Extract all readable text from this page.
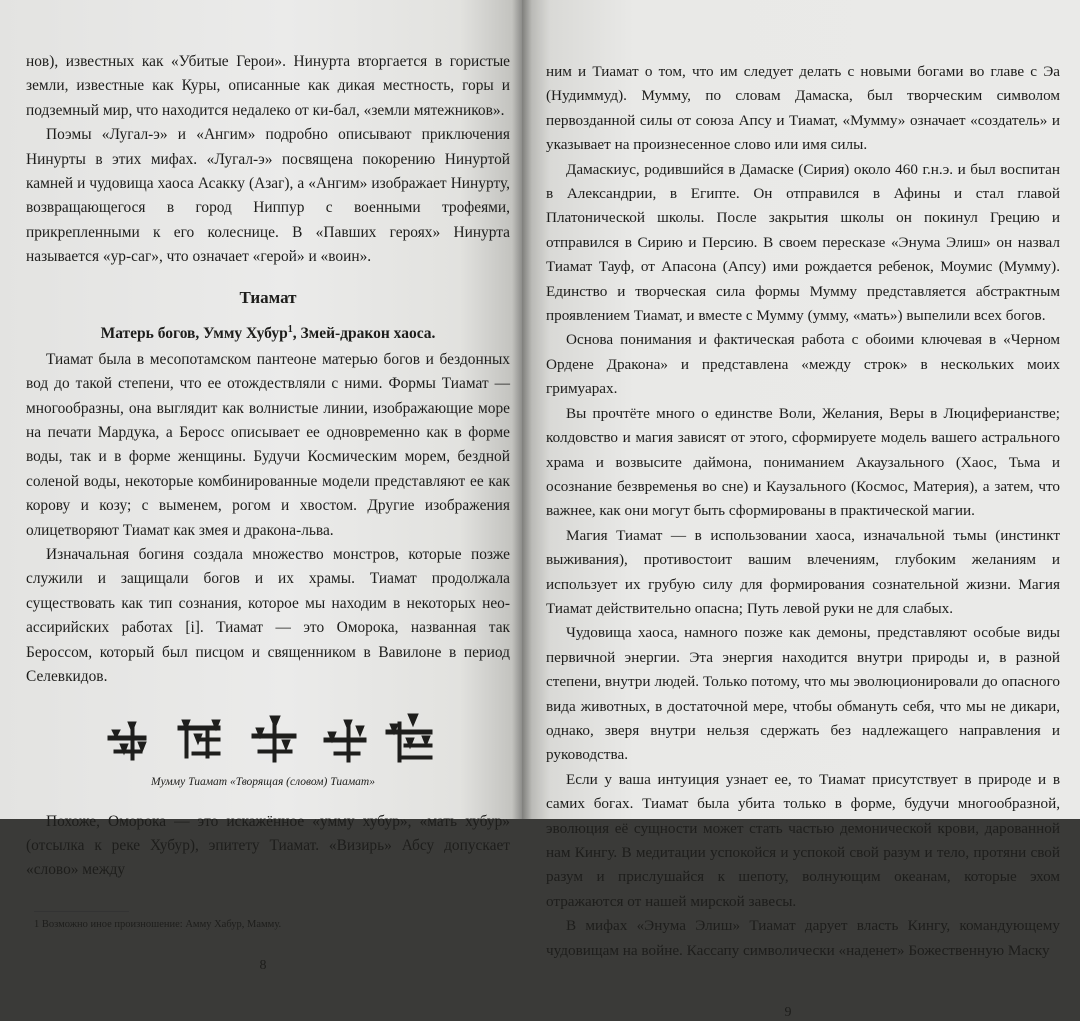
нов), известных как «Убитые Герои». Нинурта вторгается в гористые земли, известные как Куры, описанные как дикая местность, горы и подземный мир, что находится недалеко от ки-бал, «земли мятежников».

Поэмы «Лугал-э» и «Ангим» подробно описывают приключения Нинурты в этих мифах. «Лугал-э» посвящена покорению Нинуртой камней и чудовища хаоса Асакку (Азаг), а «Ангим» изображает Нинурту, возвращающегося в город Ниппур с военными трофеями, прикрепленными к его колеснице. В «Павших героях» Нинурта называется «ур-саг», что означает «герой» и «воин».

Тиамат
Матерь богов, Умму Хубур$^1$, Змей-дракон хаоса.

Тиамат была в месопотамском пантеоне матерью богов и бездонных вод до такой степени, что ее отождествляли с ними. Формы Тиамат — многообразны, она выглядит как волнистые линии, изображающие море на печати Мардука, а Беросс описывает ее одновременно как в форме воды, так и в форме женщины. Будучи Космическим морем, бездной соленой воды, некоторые комбинированные модели представляют ее как корову и козу; с выменем, рогом и хвостом. Другие изображения олицетворяют Тиамат как змея и дракона-льва.

Изначальная богиня создала множество монстров, которые позже служили и защищали богов и их храмы. Тиамат продолжала существовать как тип сознания, которое мы находим в некоторых нео-ассирийских работах [i]. Тиамат — это Оморока, названная так Бероссом, который был писцом и священником в Вавилоне в период Селевкидов.

Мумму Тиамат «Творящая (словом) Тиамат»

Похоже, Оморока — это искажённое «умму хубур», «мать хубур» (отсылка к реке Хубур), эпитету Тиамат. «Визирь» Абсу допускает «слово» между

1 Возможно иное произношение: Амму Хабур, Мамму.
8

ним и Тиамат о том, что им следует делать с новыми богами во главе с Эа (Нудиммуд). Мумму, по словам Дамаска, был творческим символом первозданной силы от союза Апсу и Тиамат, «Мумму» означает «создатель» и указывает на произнесенное слово или имя силы.

Дамаскиус, родившийся в Дамаске (Сирия) около 460 г.н.э. и был воспитан в Александрии, в Египте. Он отправился в Афины и стал главой Платонической школы. После закрытия школы он покинул Грецию и отправился в Сирию и Персию. В своем пересказе «Энума Элиш» он назвал Тиамат Тауф, от Апасона (Апсу) ими рождается ребенок, Моумис (Мумму). Единство и творческая сила формы Мумму представляется абстрактным проявлением Тиамат, и вместе с Мумму (умму, «мать») выпелили всех богов.

Основа понимания и фактическая работа с обоими ключевая в «Черном Ордене Дракона» и представлена «между строк» в нескольких моих гримуарах.

Вы прочтёте много о единстве Воли, Желания, Веры в Люцифеpианстве; колдовство и магия зависят от этого, сформируете модель вашего астрального храма и возвысите даймона, пониманием Акаузального (Хаос, Тьма и осознание безвременья во сне) и Каузального (Космос, Материя), а затем, что важнее, как они могут быть сформированы в практической магии.

Магия Тиамат — в использовании хаоса, изначальной тьмы (инстинкт выживания), противостоит вашим влечениям, глубоким желаниям и использует их грубую силу для формирования сознательной жизни. Магия Тиамат действительно опасна; Путь левой руки не для слабых.

Чудовища хаоса, намного позже как демоны, представляют особые виды первичной энергии. Эта энергия находится внутри природы и, в разной степени, внутри людей. Только потому, что мы эволюционировали до опасного вида животных, в достаточной мере, чтобы обмануть себя, что мы не дикари, однако, зверя внутри нельзя сдержать без надлежащего направления и руководства.

Если у ваша интуиция узнает ее, то Тиамат присутствует в природе и в самих богах. Тиамат была убита только в форме, будучи многообразной, эволюция её сущности может стать частью демонической крови, дарованной нам Кингу. В медитации успокойся и успокой свой разум и тело, протяни свой разум и прислушайся к шепоту, волнующим океанам, которые эхом отражаются от нашей мирской завесы.

В мифах «Энума Элиш» Тиамат дарует власть Кингу, командующему чудовищам на войне. Кассапу символически «наденет» Божественную Маску

9
